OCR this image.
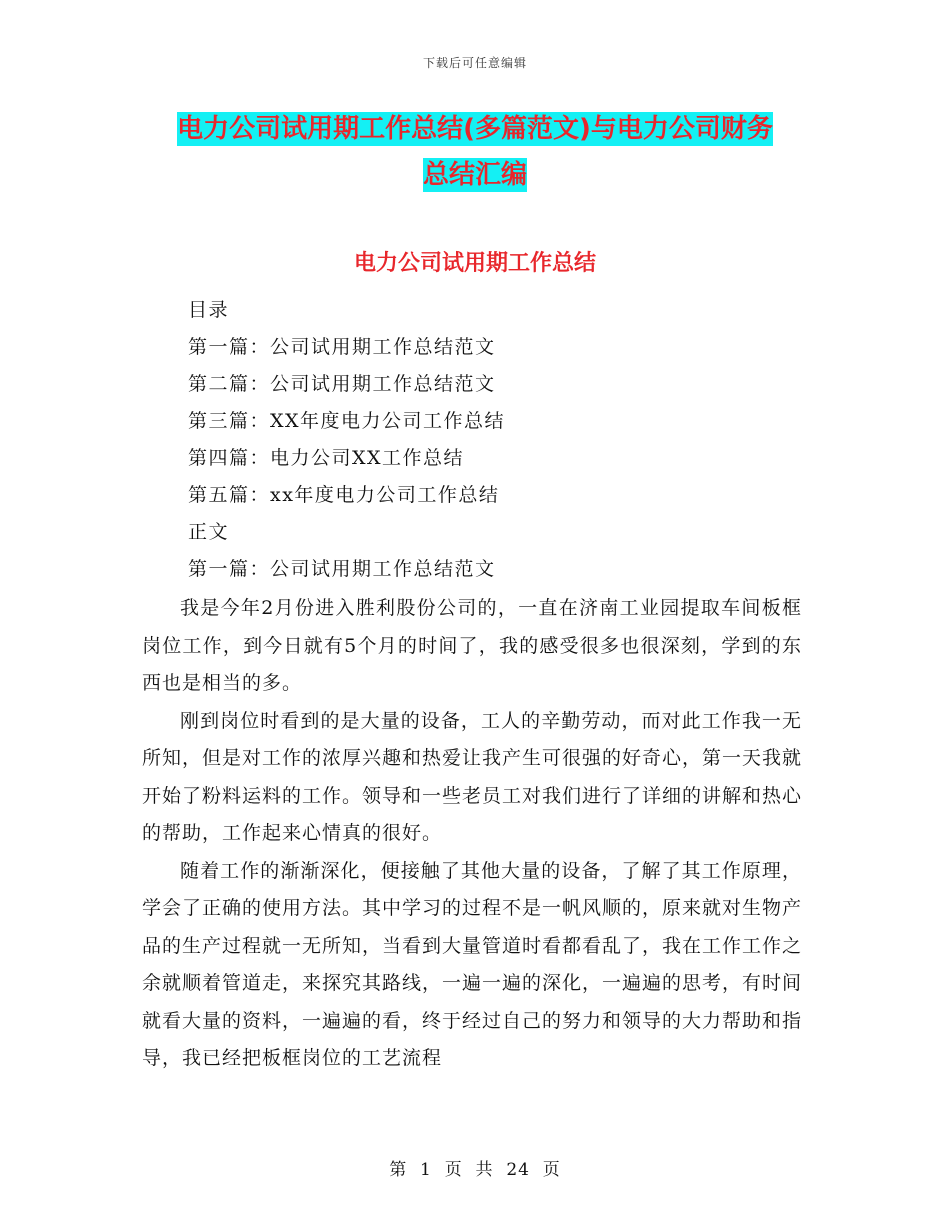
下载后可任意编辑
电力公司试用期工作总结(多篇范文)与电力公司财务
总结汇编
电力公司试用期工作总结
目录
第一篇：公司试用期工作总结范文
第二篇：公司试用期工作总结范文
第三篇：XX年度电力公司工作总结
第四篇：电力公司XX工作总结
第五篇：xx年度电力公司工作总结
正文
第一篇：公司试用期工作总结范文

我是今年2月份进入胜利股份公司的，一直在济南工业园提取车间板框岗位工作，到今日就有5个月的时间了，我的感受很多也很深刻，学到的东西也是相当的多。

刚到岗位时看到的是大量的设备，工人的辛勤劳动，而对此工作我一无所知，但是对工作的浓厚兴趣和热爱让我产生可很强的好奇心，第一天我就开始了粉料运料的工作。领导和一些老员工对我们进行了详细的讲解和热心的帮助，工作起来心情真的很好。

随着工作的渐渐深化，便接触了其他大量的设备，了解了其工作原理，学会了正确的使用方法。其中学习的过程不是一帆风顺的，原来就对生物产品的生产过程就一无所知，当看到大量管道时看都看乱了，我在工作工作之余就顺着管道走，来探究其路线，一遍一遍的深化，一遍遍的思考，有时间就看大量的资料，一遍遍的看，终于经过自己的努力和领导的大力帮助和指导，我已经把板框岗位的工艺流程

第 1 页 共 24 页
